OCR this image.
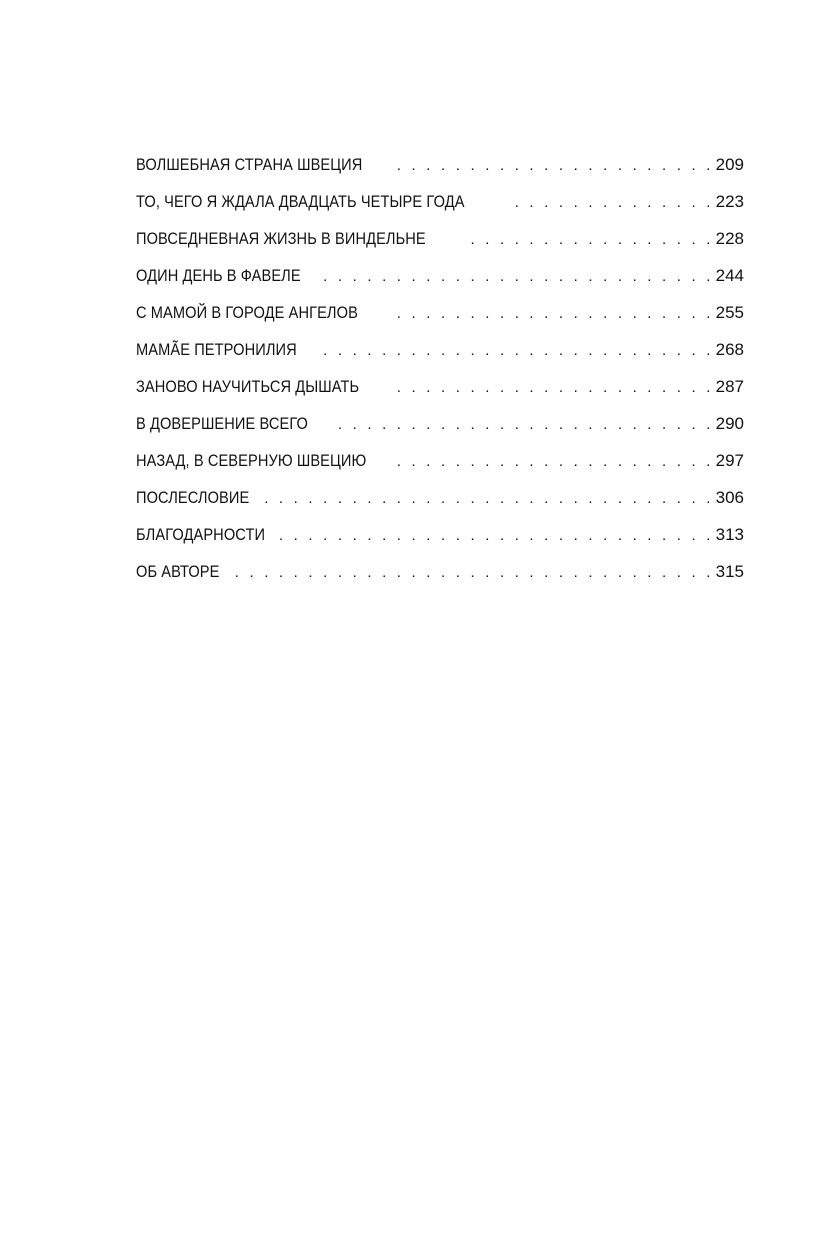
ВОЛШЕБНАЯ СТРАНА ШВЕЦИЯ . . .	209
ТО, ЧЕГО Я ЖДАЛА ДВАДЦАТЬ ЧЕТЫРЕ ГОДА . . .	223
ПОВСЕДНЕВНАЯ ЖИЗНЬ В ВИНДЕЛЬНЕ . . .	228
ОДИН ДЕНЬ В ФАВЕЛЕ . . .	244
С МАМОЙ В ГОРОДЕ АНГЕЛОВ . . .	255
МАМÃЕ ПЕТРОНИЛИЯ . . .	268
ЗАНОВО НАУЧИТЬСЯ ДЫШАТЬ . . .	287
В ДОВЕРШЕНИЕ ВСЕГО . . .	290
НАЗАД, В СЕВЕРНУЮ ШВЕЦИЮ . . .	297
ПОСЛЕСЛОВИЕ . . .	306
БЛАГОДАРНОСТИ . . .	313
ОБ АВТОРЕ . . .	315
